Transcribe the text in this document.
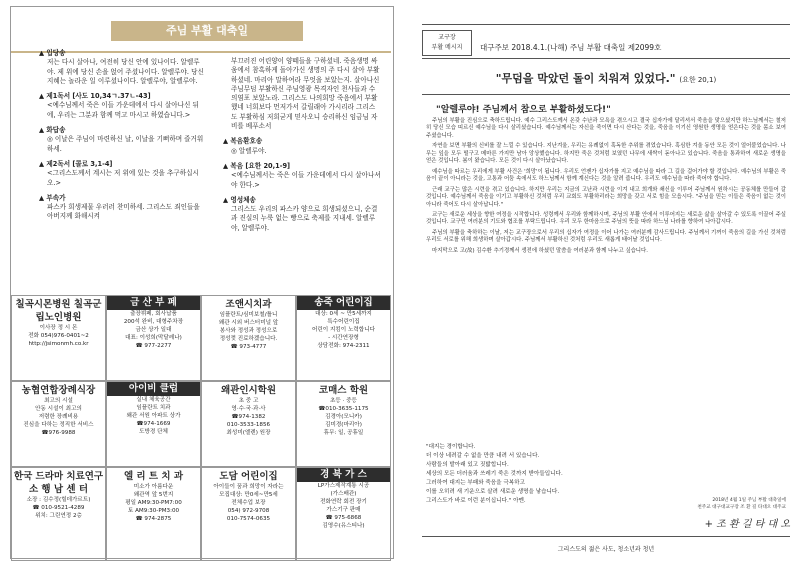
주님 부활 대축일
▲ 입당송
저는 다시 살아나, 여전히 당신 안에 있나이다. 알렐루야. 제 위에 당신 손을 얹어 주셨나이다. 알렐루야. 당신 지혜는 놀라운 일 이루셨나이다. 알렐루야, 알렐루야.
▲ 제1독서 [사도 10,34ㄱ.37ㄴ-43]
<예수님께서 죽은 이들 가운데에서 다시 살아나신 뒤에, 우리는 그분과 함께 먹고 마시고 하였습니다.>
▲ 화답송
◎ 이날은 주님이 마련하신 날, 이날을 기뻐하며 즐거워하세.
▲ 제2독서 [콜로 3,1-4]
<그리스도께서 계시는 저 위에 있는 것을 추구하십시오.>
▲ 부속가
파스카 희생제물 우러러 찬미하세. 그리스도 죄인들을 아버지께 화해시켜
부끄러진 어린양이 양떼들을 구하셨네. 죽음생명 싸움에서 참혹하게 돌아가신 생명의 주 다시 살아 부활하셨네. 마리아 말하여라 무엇을 보았는지. 살아나신 주님무덤 부활하신 주님영광 목격자인 천사들과 수의염포 보았노라. 그리스도 나의희망 죽음에서 부활했네 너희보다 먼저가서 갈릴래아 가시리라 그리스도 부활하심 저희굳게 믿사오니 승리하신 임금님 자비를 베푸소서
▲ 복음환호송
◎ 알렐루야.
▲ 복음 [요한 20,1-9]
<예수님께서는 죽은 이들 가운데에서 다시 살아나셔야 한다.>
▲ 영성체송
그리스도 우리의 파스카 양으로 희생되셨으니, 순결과 진실의 누룩 없는 빵으로 축제를 지내세. 알렐루야, 알렐루야.
칠곡시몬병원 칠곡군립노인병원
이사장 정 시 몬
전화 054)976-0401~2
http://jsimonmh.co.kr
금 산 부 페
출장뷔페, 회사납품
200석 완비, 대형주차장
금산 상가 일대
대표: 이성희(막달레나)
☎ 977-2277
조앤시치과
임플란트/심미보철/틀니
왜관 시외 버스터미널 앞
봉사와 정성과 정성으로
정성껏 진료하겠습니다.
☎ 973-4777
송죽 어린이집
대상: 0세 ~ 만5세까지
특수어린이집
어린이 지킴이 노력합니다
- 시간연장형
상담전화: 974-2311
농협연합장례식장
최고의 시설
안동 시설이 최고의
저렴한 장례비용
진심을 다하는 정직한 서비스
☎976-9988
아이비 클럽
실내 체육공간
임플란트 치과
왜관 서원 아파트 상가
☎974-1669
도방경 단체
왜관인시학원
초 중 고
영·수·국·과·사
☎974-1382
010-3533-1856
최성미(엘렌) 원장
코매스 학원
초등 · 중등
☎010-3635-1175
김경아(모니카)
김미경(마리아)
휴무: 일, 공휴일
한국 드라마 치료연구소 행 남 센 터
소장 : 김수정(힐데가르트)
☎ 010-9521-4289
위치: 그린연정 2층
엘 리 트 치 과
미소가 아름다운
왜관역 앞 5번지
평일 AM9:30-PM7:00
토 AM9:30-PM3:00
☎ 974-2875
도담 어린이집
아이들이 꿈과 희망이 자라는
모집대상: 만0세~만5세
전체수업 보장
054) 972-9708
010-7574-0635
경 북 가 스
LP가스제작계통 시공
(가스배관)
전화연락 회전 장기
가스기구 판매
☎ 975-6868
김영수(유스티나)
교구장
부활 메시지	대구주보 2018.4.1.(나해) 주님 부활 대축일 제2099호
"무덤을 막았던 돌이 치워져 있었다." (요한 20,1)
"알렐루야! 주님께서 참으로 부활하셨도다!"

주님의 부활을 진심으로 축하드립니다. 예수 그리스도께서 온갖 수난과 모욕을 겪으시고 결국 십자가에 달리셔서 죽음을 맞으셨지만 하느님께서는 철저히 당신 모습 띠르신 예수님을 다시 살리셨습니다. 예수님께서는 자신을 죽이면 다시 산다는 것을, 죽음을 이기신 영원한 생명을 얻은다는 것을 몸소 보여 주셨습니다.

자연을 보면 부활의 신비를 잘 느낄 수 있습니다. 지난겨울, 우리는 유례없이 혹독한 추위를 겪었습니다. 혹심한 겨울 동안 모든 것이 얼어붙었습니다. 나무는 잎을 모두 떨구고 메마른 가지만 남아 앙상했습니다. 하지만 죽은 것처럼 보였던 나무에 새싹이 돋아나고 있습니다. 죽음을 통과하여 새로운 생명을 얻은 것입니다. 봄이 왔습니다. 모든 것이 다시 살아났습니다.

예수님을 따르는 우리에게 부활 사건은 '희망'이 됩니다. 우리도 언젠가 십자가를 지고 예수님을 따라 그 길을 걸어가야 할 것입니다. 예수님의 부활은 죽음이 끝이 아니라는 것을, 고통과 어둠 속에서도 하느님께서 함께 계신다는 것을 알려 줍니다. 우리도 예수님을 따라 죽어야 합니다.

근래 교구는 많은 시련을 겪고 있습니다. 하지만 우리는 지금의 고난과 시련을 이겨 내고 희개와 쇄신을 이루어 주님께서 원하시는 공동체를 만들어 갈 것입니다. 예수님께서 죽음을 이기고 부활하신 것처럼 우리 교회도 부활하리라는 희망을 갖고 서로 힘을 모읍시다. "주님을 믿는 이들은 죽음이 없는 것이 아니라 죽어도 다시 살아납니다."

교구는 새로운 세상을 향한 여정을 시작합니다. 성령께서 우리와 함께하시며, 주님의 부활 안에서 이루어지는 새로운 삶을 살아갈 수 있도록 이끌어 주실 것입니다. 교구민 여러분의 기도와 협조를 부탁드립니다. 우리 모두 한마음으로 주님의 뜻을 따라 하느님 나라를 향하여 나아갑시다.

주님의 부활을 축하하는 이날, 저는 교구장으로서 우리의 십자가 여정을 이어 나가는 여러분께 감사드립니다. 주님께서 기꺼이 죽음의 길을 가신 것처럼 우리도 서로를 위해 희생하며 살아갑시다. 주님께서 부활하신 것처럼 우리도 새롭게 태어날 것입니다.

마지막으로 고(故) 김수환 추기경께서 생전에 하셨던 말씀을 여러분과 함께 나누고 싶습니다.

"대지는 경이합니다.
더 이상 네려갈 수 없을 만큼 내려 서 있습니다.
사람들의 발아래 있고 짓밟힙니다.
세상의 모든 더러움과 쓰레기 죽은 것까지 받아들입니다.
그러하여 대지는 부패와 죽음을 극복하고
이를 오히려 새 기운으로 살려 새로운 생명을 낳습니다.
그리스도가 바로 이런 분이십니다." 아멘.	2018년 4월 1일 주님 부활 대축일에
천주교 대구대교구장 조 환 길 타대오 대주교
+ 조 환 길 타 대 오
그리스도의 젊은 사도, 청소년과 청년
